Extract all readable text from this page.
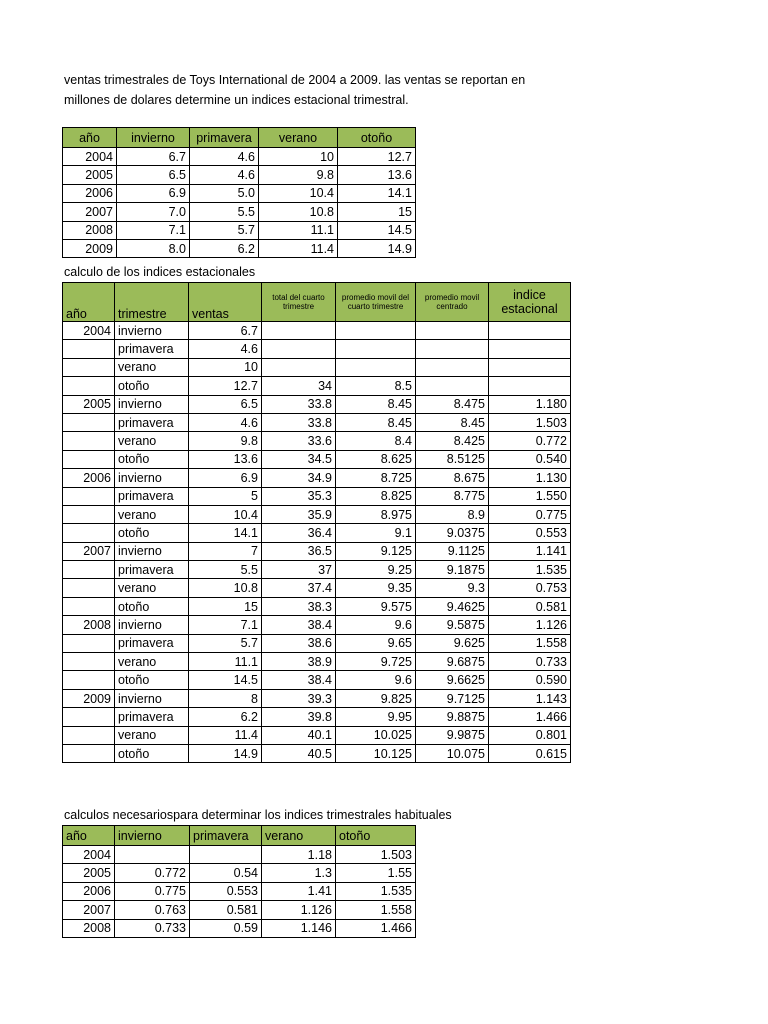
ventas trimestrales de Toys International de 2004 a 2009. las ventas se reportan en
millones de dolares determine un indices estacional trimestral.
año	invierno	primavera	verano	otoño
2004	6.7	4.6	10	12.7
2005	6.5	4.6	9.8	13.6
2006	6.9	5.0	10.4	14.1
2007	7.0	5.5	10.8	15
2008	7.1	5.7	11.1	14.5
2009	8.0	6.2	11.4	14.9
calculo de los indices estacionales
año	trimestre	ventas	total del cuarto trimestre	promedio movil del cuarto trimestre	promedio movil centrado	indice estacional
2004	invierno	6.7				
	primavera	4.6				
	verano	10				
	otoño	12.7	34	8.5		
2005	invierno	6.5	33.8	8.45	8.475	1.180
	primavera	4.6	33.8	8.45	8.45	1.503
	verano	9.8	33.6	8.4	8.425	0.772
	otoño	13.6	34.5	8.625	8.5125	0.540
2006	invierno	6.9	34.9	8.725	8.675	1.130
	primavera	5	35.3	8.825	8.775	1.550
	verano	10.4	35.9	8.975	8.9	0.775
	otoño	14.1	36.4	9.1	9.0375	0.553
2007	invierno	7	36.5	9.125	9.1125	1.141
	primavera	5.5	37	9.25	9.1875	1.535
	verano	10.8	37.4	9.35	9.3	0.753
	otoño	15	38.3	9.575	9.4625	0.581
2008	invierno	7.1	38.4	9.6	9.5875	1.126
	primavera	5.7	38.6	9.65	9.625	1.558
	verano	11.1	38.9	9.725	9.6875	0.733
	otoño	14.5	38.4	9.6	9.6625	0.590
2009	invierno	8	39.3	9.825	9.7125	1.143
	primavera	6.2	39.8	9.95	9.8875	1.466
	verano	11.4	40.1	10.025	9.9875	0.801
	otoño	14.9	40.5	10.125	10.075	0.615
calculos necesariospara determinar los indices trimestrales habituales
año	invierno	primavera	verano	otoño
2004			1.18	1.503
2005	0.772	0.54	1.3	1.55
2006	0.775	0.553	1.41	1.535
2007	0.763	0.581	1.126	1.558
2008	0.733	0.59	1.146	1.466
